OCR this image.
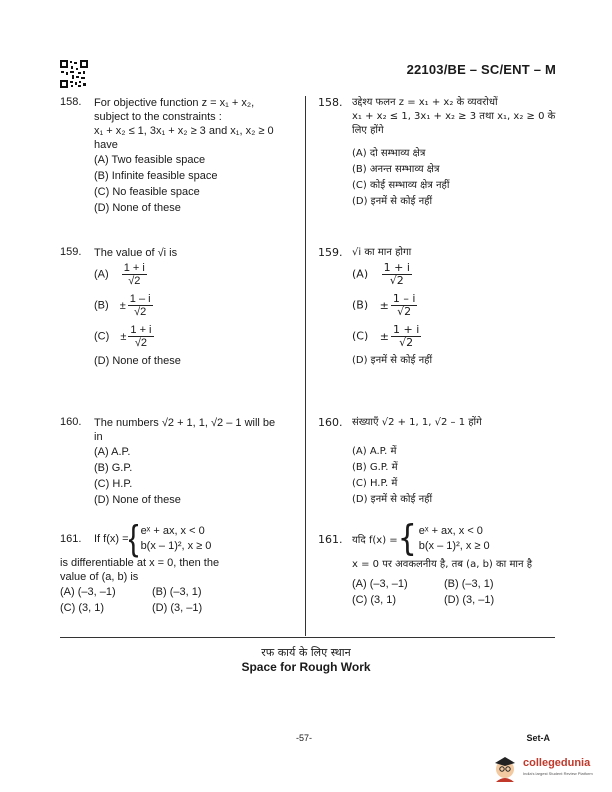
22103/BE – SC/ENT – M
158. For objective function z = x₁ + x₂,
subject to the constraints :
x₁ + x₂ ≤ 1, 3x₁ + x₂ ≥ 3 and x₁, x₂ ≥ 0
have
(A) Two feasible space
(B) Infinite feasible space
(C) No feasible space
(D) None of these
159. The value of √i is
$(A) \frac{1 + i}{√2}$
$(B) \pm \frac{1 - i}{√2}$
$(C) \pm \frac{1 + i}{√2}$
(D) None of these
160. The numbers √2 + 1, 1, √2 – 1 will be
in
(A) A.P.
(B) G.P.
(C) H.P.
(D) None of these
161.	If f(x) = { eˣ + ax, x < 0
b(x – 1)², x ≥ 0
is differentiable at x = 0, then the
value of (a, b) is
(A) (–3, –1)	(B) (–3, 1)
(C) (3, 1)	(D) (3, –1)
158. उद्देश्य फलन z = x₁ + x₂ के व्यवरोधों
x₁ + x₂ ≤ 1, 3x₁ + x₂ ≥ 3 तथा x₁, x₂ ≥ 0 के
लिए होंगे
(A) दो सम्भाव्य क्षेत्र
(B) अनन्त सम्भाव्य क्षेत्र
(C) कोई सम्भाव्य क्षेत्र नहीं
(D) इनमें से कोई नहीं
159. √i का मान होगा
$(A) \frac{1 + i}{√2}$
$(B) \pm \frac{1 - i}{√2}$
$(C) \pm \frac{1 + i}{√2}$
(D) इनमें से कोई नहीं
160. संख्याएँ √2 + 1, 1, √2 – 1 होंगे
(A) A.P. में
(B) G.P. में
(C) H.P. में
(D) इनमें से कोई नहीं
161. यदि f(x) = { eˣ + ax, x < 0
b(x – 1)², x ≥ 0
x = 0 पर अवकलनीय है, तब (a, b) का मान है
(A) (–3, –1)	(B) (–3, 1)
(C) (3, 1)	(D) (3, –1)
रफ कार्य के लिए स्थान
Space for Rough Work
-57-	Set-A
collegedunia
India's largest Student Review Platform
